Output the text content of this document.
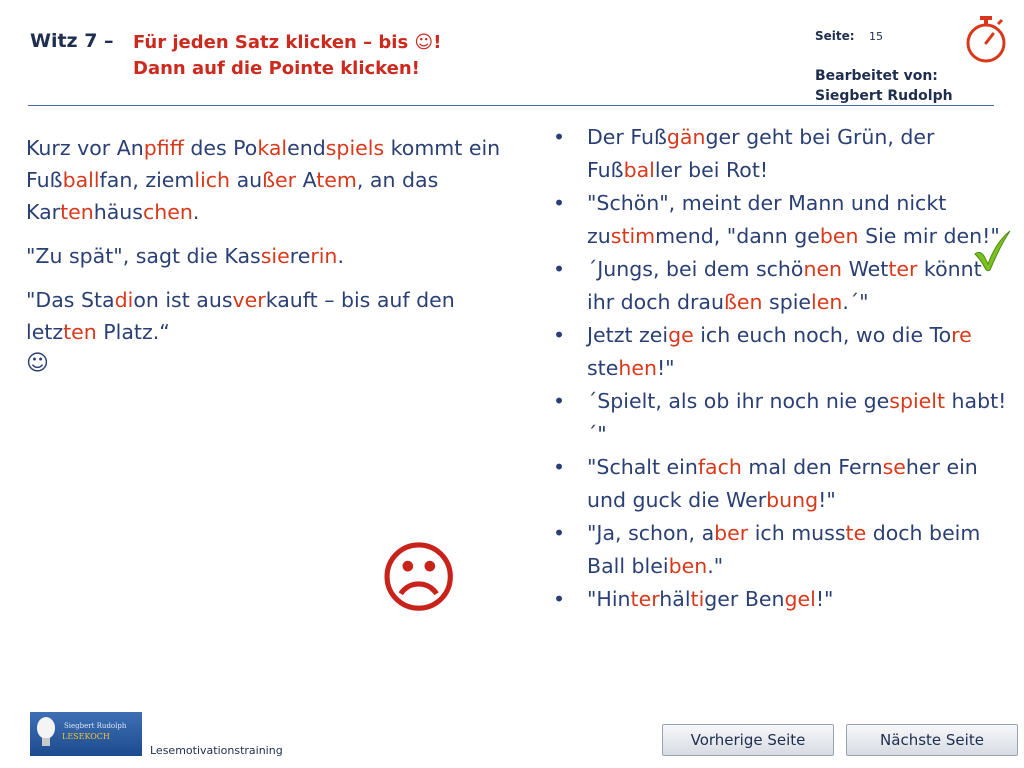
Witz 7 – Für jeden Satz klicken – bis ☺!
Dann auf die Pointe klicken!
Seite: 15
Bearbeitet von:
Siegbert Rudolph

Kurz vor Anpfiff des Pokalendspiels kommt ein Fußballfan, ziemlich außer Atem, an das Kartenhäuschen.

"Zu spät", sagt die Kassiererin.

"Das Stadion ist ausverkauft – bis auf den letzten Platz.“

☺
• Der Fußgänger geht bei Grün, der Fußballer bei Rot!
• "Schön", meint der Mann und nickt zustimmend, "dann geben Sie mir den!"
• ´Jungs, bei dem schönen Wetter könnt ihr doch draußen spielen.´"
• Jetzt zeige ich euch noch, wo die Tore stehen!"
• ´Spielt, als ob ihr noch nie gespielt habt!´"
• "Schalt einfach mal den Fernseher ein und guck die Werbung!"
• "Ja, schon, aber ich musste doch beim Ball bleiben."
• "Hinterhältiger Bengel!"
☹
Siegbert Rudolph
LESEKOCH
Lesemotivationstraining
Vorherige Seite	Nächste Seite
